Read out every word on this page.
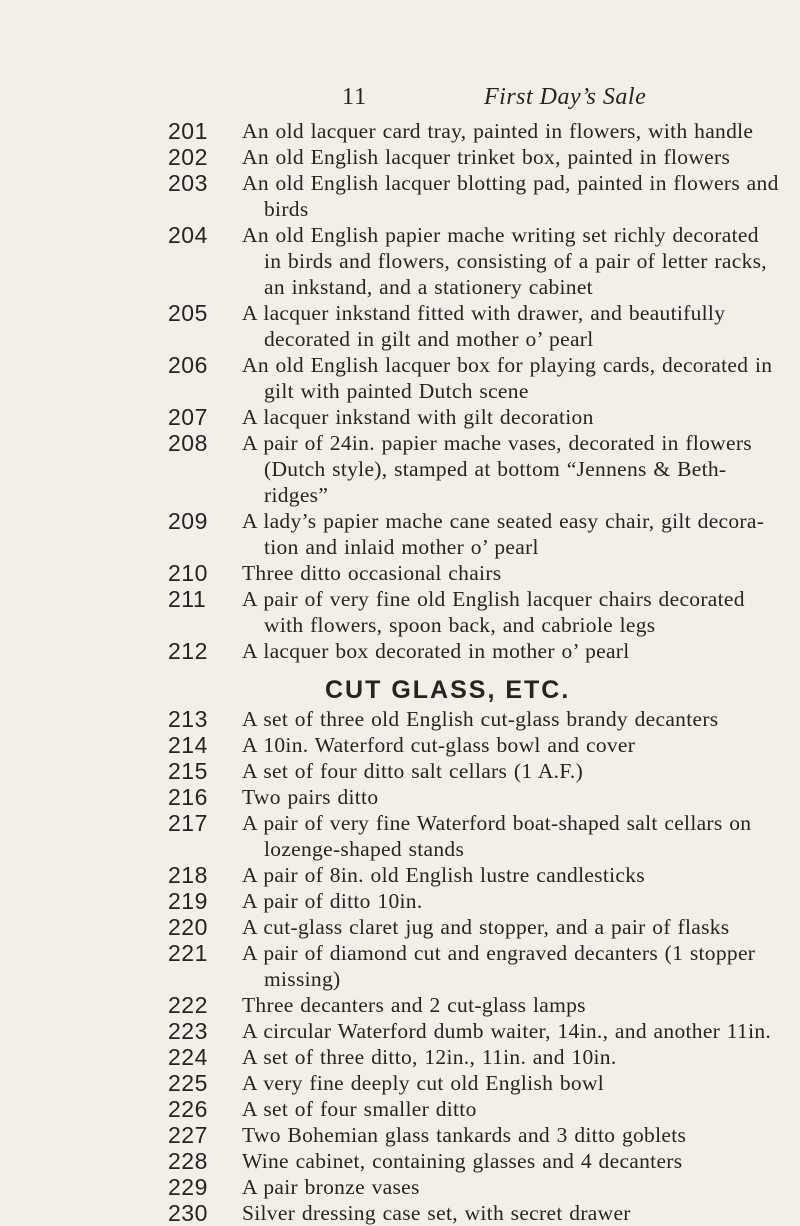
11	First Day’s Sale
201 An old lacquer card tray, painted in flowers, with handle
202 An old English lacquer trinket box, painted in flowers
203 An old English lacquer blotting pad, painted in flowers and birds
204 An old English papier mache writing set richly decorated in birds and flowers, consisting of a pair of letter racks, an inkstand, and a stationery cabinet
205 A lacquer inkstand fitted with drawer, and beautifully decorated in gilt and mother o’ pearl
206 An old English lacquer box for playing cards, decorated in gilt with painted Dutch scene
207 A lacquer inkstand with gilt decoration
208 A pair of 24in. papier mache vases, decorated in flowers (Dutch style), stamped at bottom “Jennens & Beth-ridges”
209 A lady’s papier mache cane seated easy chair, gilt decora-tion and inlaid mother o’ pearl
210 Three ditto occasional chairs
211 A pair of very fine old English lacquer chairs decorated with flowers, spoon back, and cabriole legs
212 A lacquer box decorated in mother o’ pearl
CUT GLASS, ETC.
213 A set of three old English cut-glass brandy decanters
214 A 10in. Waterford cut-glass bowl and cover
215 A set of four ditto salt cellars (1 A.F.)
216 Two pairs ditto
217 A pair of very fine Waterford boat-shaped salt cellars on lozenge-shaped stands
218 A pair of 8in. old English lustre candlesticks
219 A pair of ditto 10in.
220 A cut-glass claret jug and stopper, and a pair of flasks
221 A pair of diamond cut and engraved decanters (1 stopper missing)
222 Three decanters and 2 cut-glass lamps
223 A circular Waterford dumb waiter, 14in., and another 11in.
224 A set of three ditto, 12in., 11in. and 10in.
225 A very fine deeply cut old English bowl
226 A set of four smaller ditto
227 Two Bohemian glass tankards and 3 ditto goblets
228 Wine cabinet, containing glasses and 4 decanters
229 A pair bronze vases
230 Silver dressing case set, with secret drawer
